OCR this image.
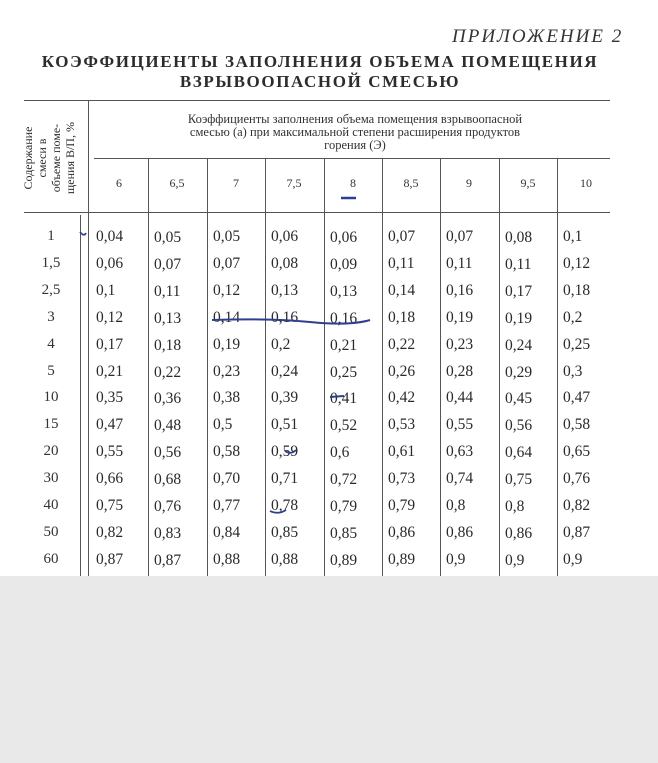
ПРИЛОЖЕНИЕ 2
КОЭФФИЦИЕНТЫ ЗАПОЛНЕНИЯ ОБЪЕМА ПОМЕЩЕНИЯ
ВЗРЫВООПАСНОЙ СМЕСЬЮ
Содержание смеси в объеме поме- щения В/П, %
Коэффициенты заполнения объема помещения взрывоопасной
смесью (a) при максимальной степени расширения продуктов
горения (Э)
6	6,5	7	7,5	8	8,5	9	9,5	10
1	0,04 0,05 0,05 0,06 0,06 0,07 0,07 0,08 0,1
1,5	0,06 0,07 0,07 0,08 0,09 0,11 0,11 0,11 0,12
2,5	0,1 0,11 0,12 0,13 0,13 0,14 0,16 0,17 0,18
3	0,12 0,13 0,14 0,16 0,16 0,18 0,19 0,19 0,2
4	0,17 0,18 0,19 0,2	0,21 0,22 0,23 0,24 0,25
5	0,21 0,22 0,23 0,24 0,25 0,26 0,28 0,29 0,3
10	0,35 0,36 0,38 0,39 0,41 0,42 0,44 0,45 0,47
15	0,47 0,48 0,5 0,51 0,52 0,53 0,55 0,56 0,58
20	0,55 0,56 0,58 0,59 0,6 0,61 0,63 0,64 0,65
30	0,66 0,68 0,70 0,71 0,72 0,73 0,74 0,75 0,76
40	0,75 0,76 0,77 0,78 0,79 0,79 0,8	0,8 0,82
50	0,82 0,83 0,84 0,85 0,85 0,86 0,86 0,86 0,87
60	0,87 0,87 0,88 0,88 0,89 0,89 0,9	0,9 0,9
